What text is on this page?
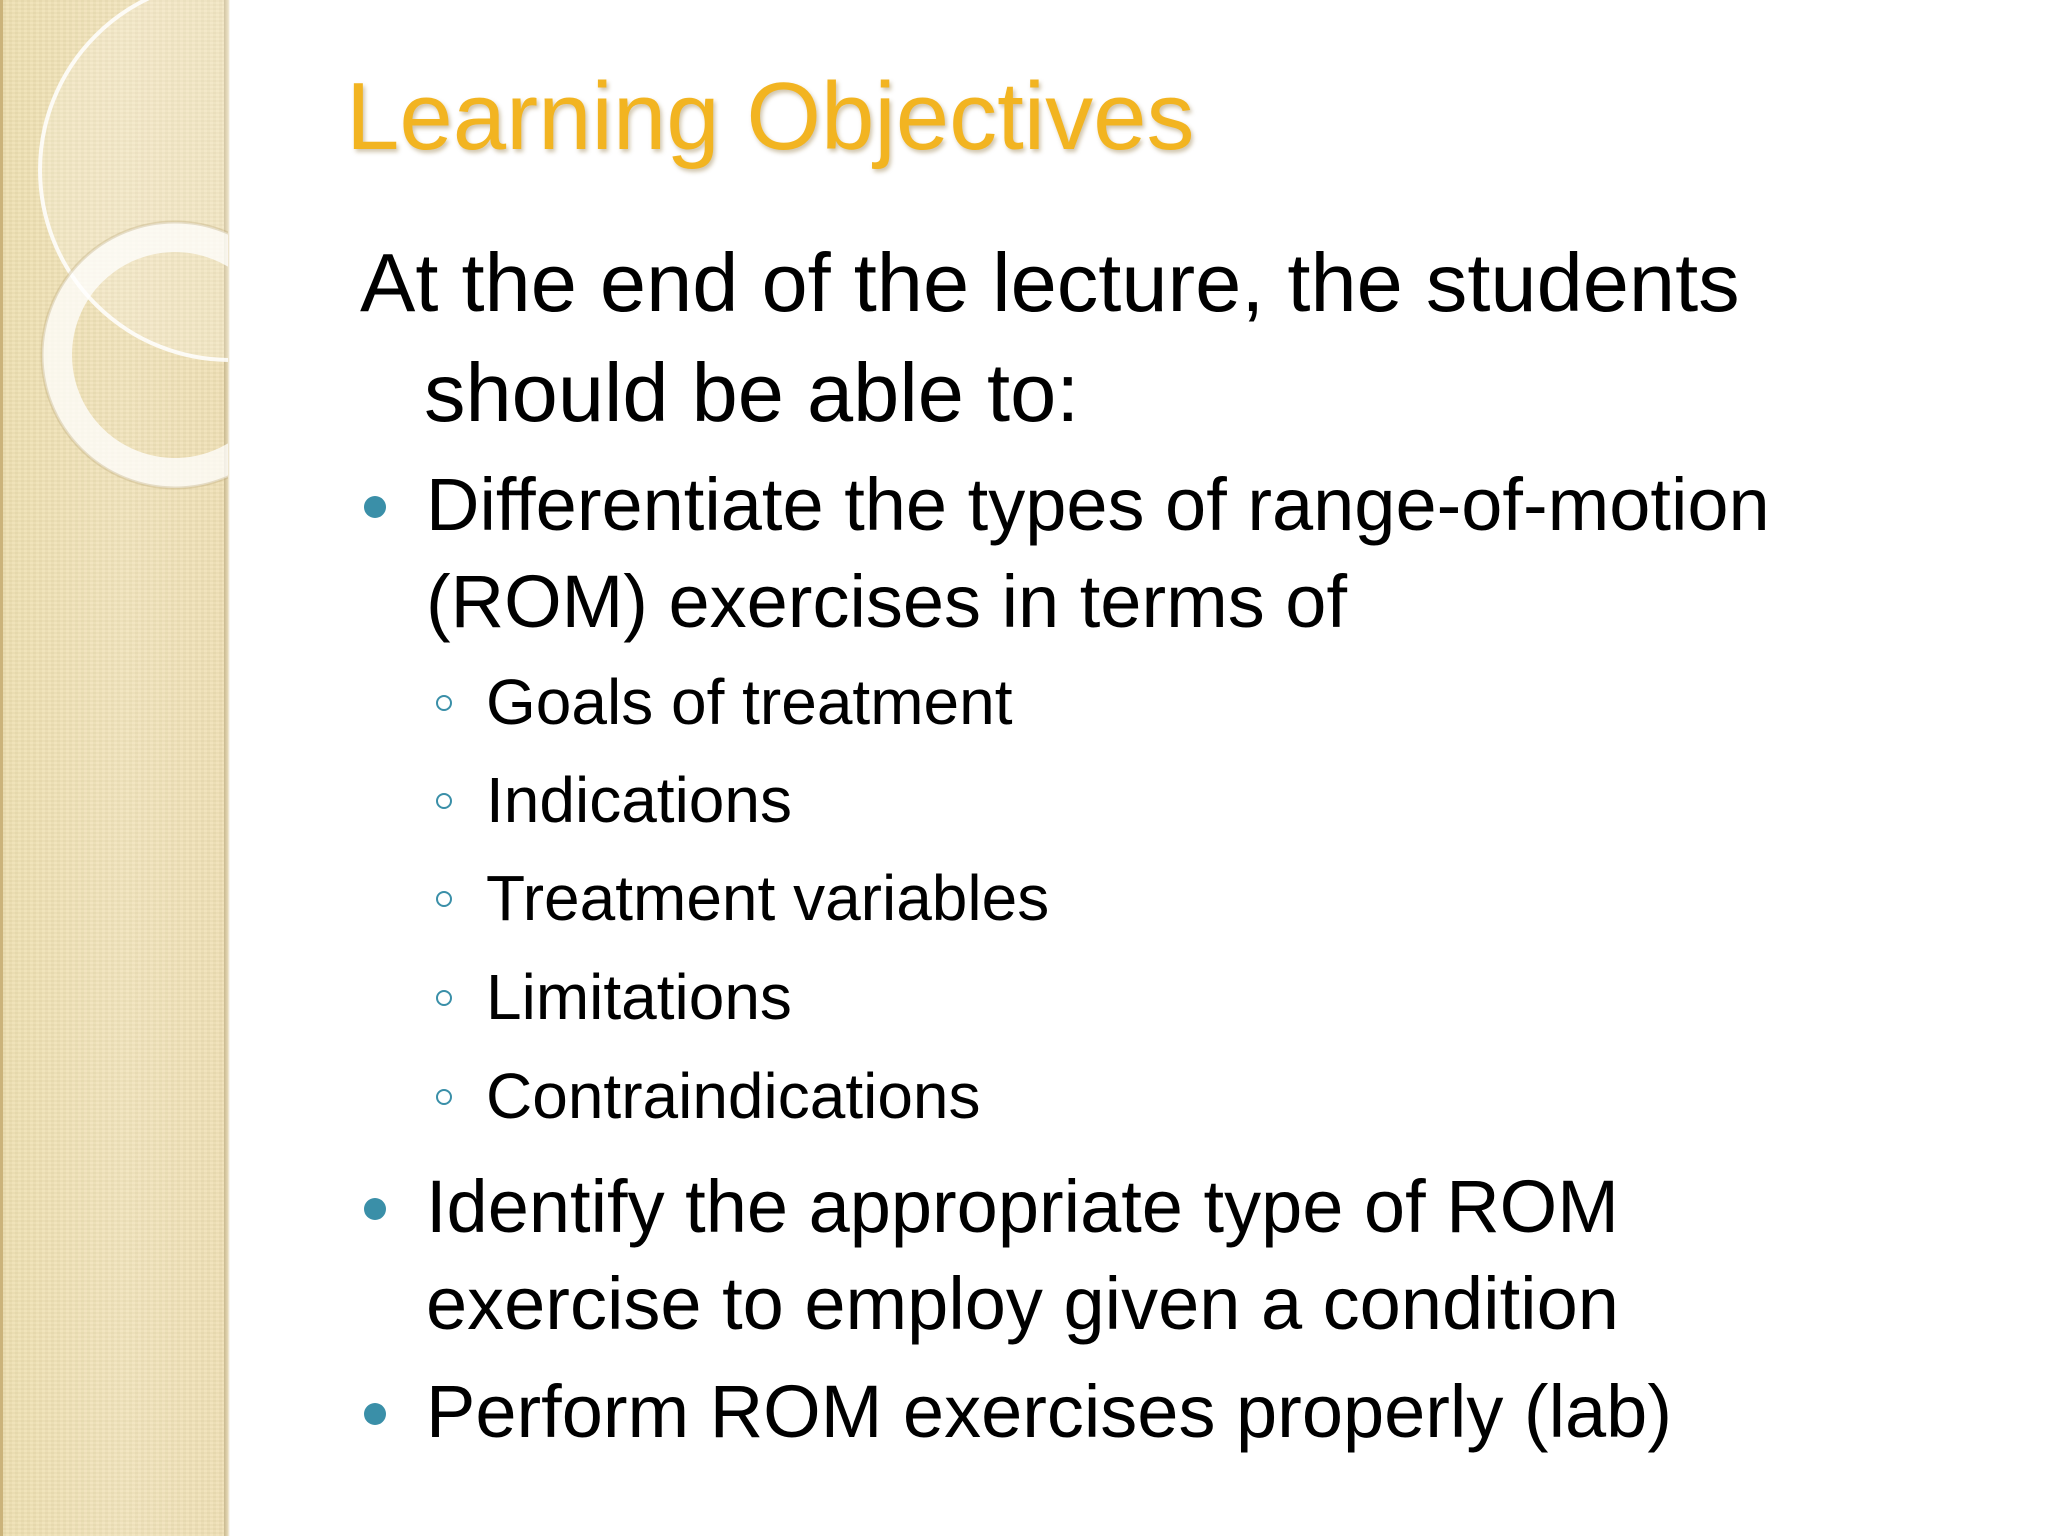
Learning Objectives

At the end of the lecture, the students
should be able to:

Differentiate the types of range-of-motion
(ROM) exercises in terms of
Goals of treatment
Indications
Treatment variables
Limitations
Contraindications
Identify the appropriate type of ROM
exercise to employ given a condition
Perform ROM exercises properly (lab)
